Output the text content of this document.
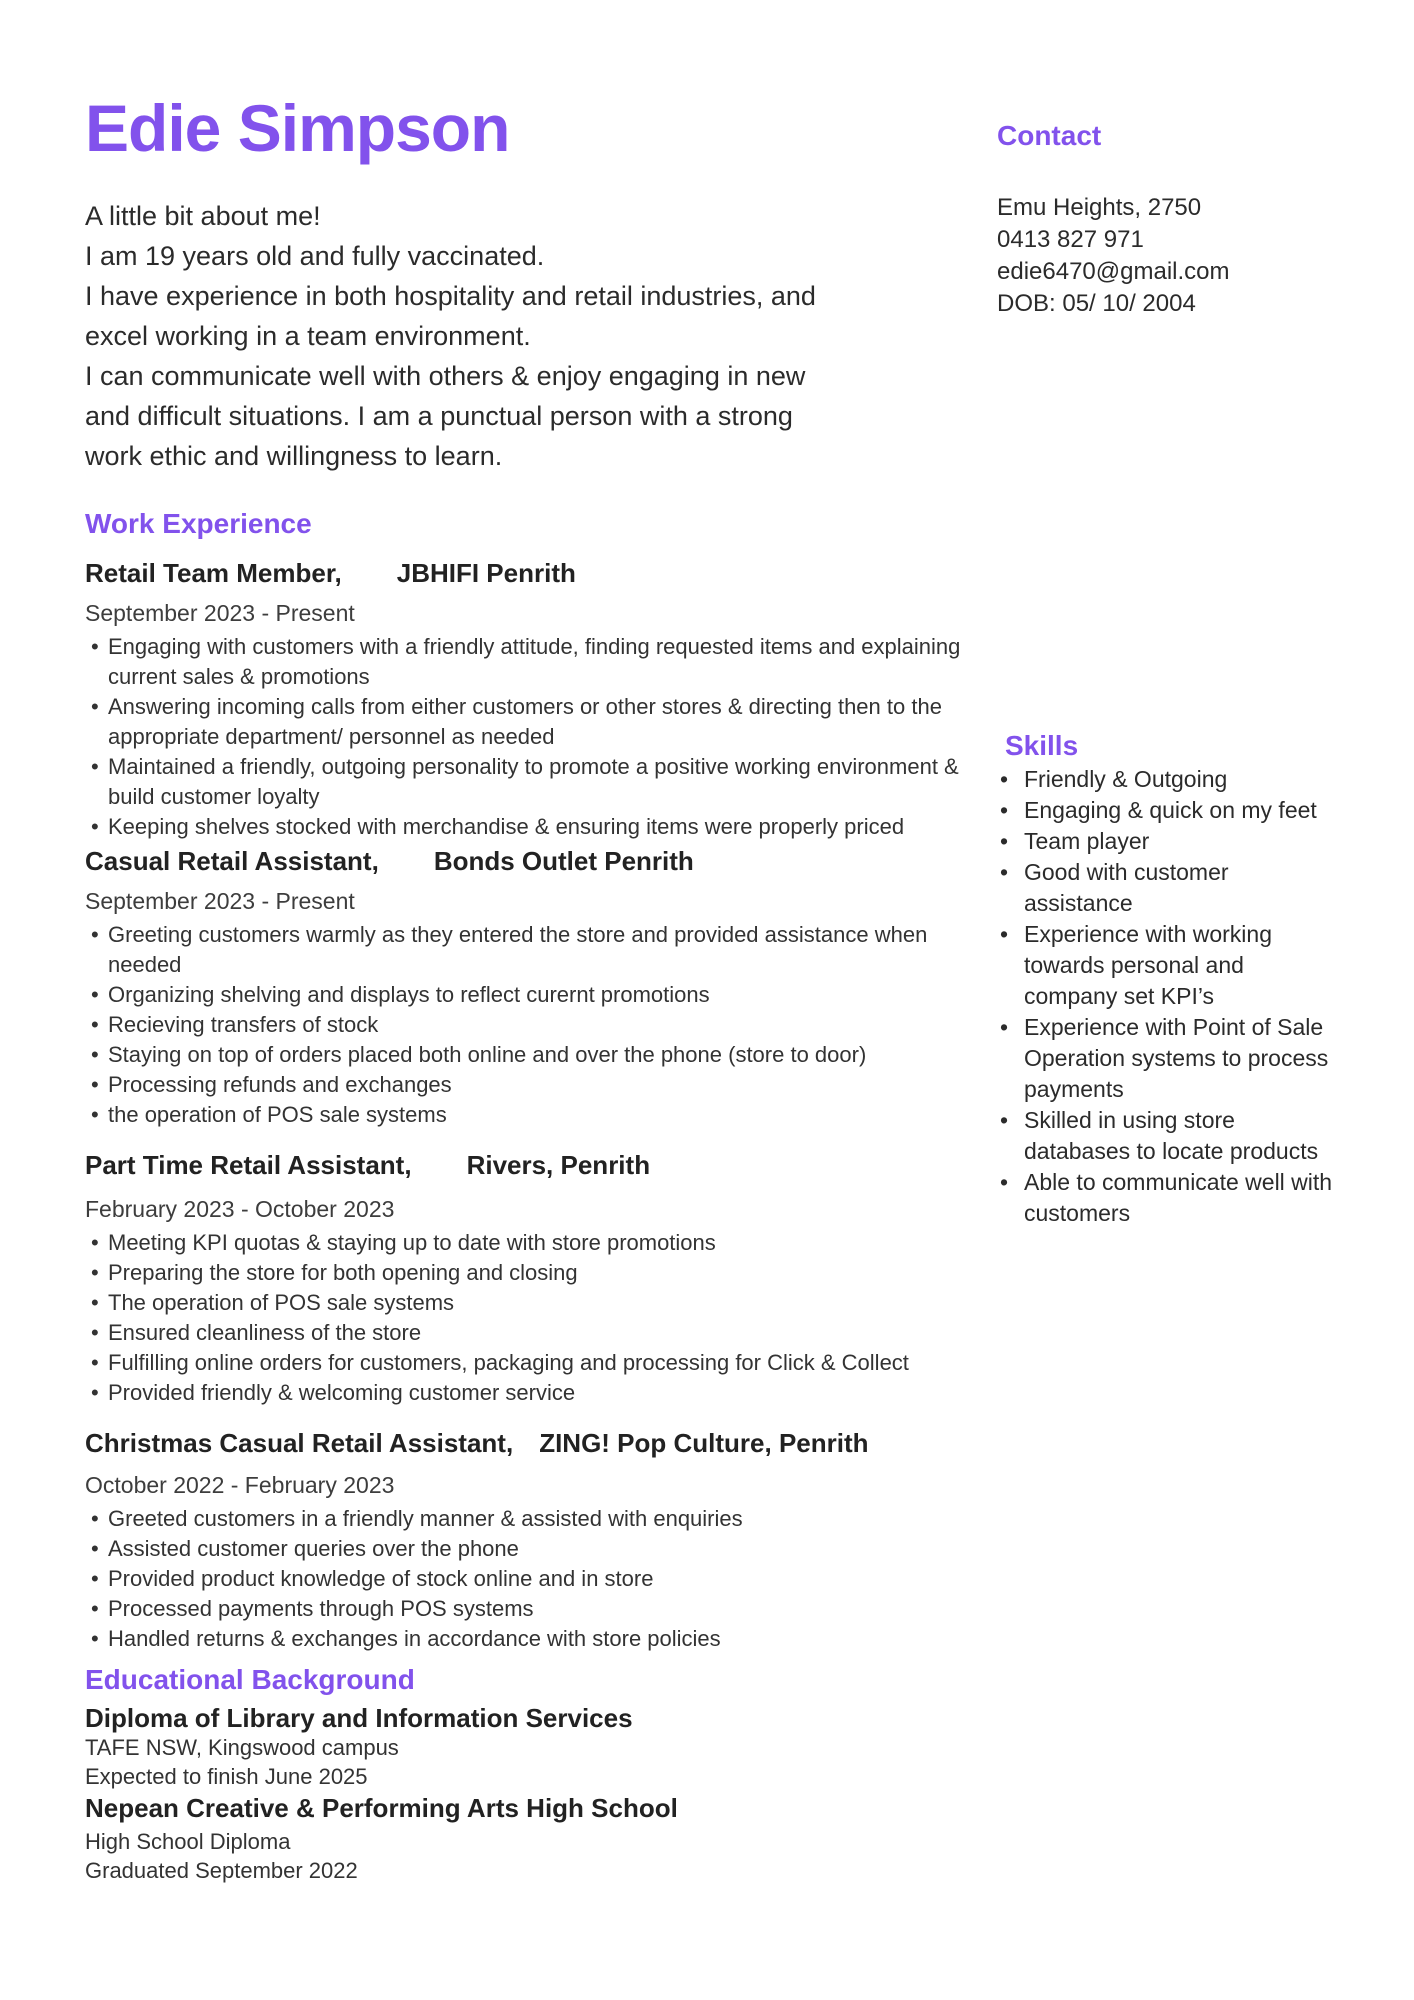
Edie Simpson
A little bit about me!
I am 19 years old and fully vaccinated.
I have experience in both hospitality and retail industries, and
excel working in a team environment.
I can communicate well with others & enjoy engaging in new
and difficult situations. I am a punctual person with a strong
work ethic and willingness to learn.
Work Experience
Retail Team Member, JBHIFI Penrith
September 2023 - Present
• Engaging with customers with a friendly attitude, finding requested items and explaining current sales & promotions
• Answering incoming calls from either customers or other stores & directing then to the appropriate department/ personnel as needed
• Maintained a friendly, outgoing personality to promote a positive working environment & build customer loyalty
• Keeping shelves stocked with merchandise & ensuring items were properly priced
Casual Retail Assistant, Bonds Outlet Penrith
September 2023 - Present
• Greeting customers warmly as they entered the store and provided assistance when needed
• Organizing shelving and displays to reflect curernt promotions
• Recieving transfers of stock
• Staying on top of orders placed both online and over the phone (store to door)
• Processing refunds and exchanges
• the operation of POS sale systems
Part Time Retail Assistant, Rivers, Penrith
February 2023 - October 2023
• Meeting KPI quotas & staying up to date with store promotions
• Preparing the store for both opening and closing
• The operation of POS sale systems
• Ensured cleanliness of the store
• Fulfilling online orders for customers, packaging and processing for Click & Collect
• Provided friendly & welcoming customer service
Christmas Casual Retail Assistant, ZING! Pop Culture, Penrith
October 2022 - February 2023
• Greeted customers in a friendly manner & assisted with enquiries
• Assisted customer queries over the phone
• Provided product knowledge of stock online and in store
• Processed payments through POS systems
• Handled returns & exchanges in accordance with store policies
Educational Background
Diploma of Library and Information Services
TAFE NSW, Kingswood campus
Expected to finish June 2025
Nepean Creative & Performing Arts High School
High School Diploma
Graduated September 2022
Contact
Emu Heights, 2750
0413 827 971
edie6470@gmail.com
DOB: 05/ 10/ 2004
Skills
• Friendly & Outgoing
• Engaging & quick on my feet
• Team player
• Good with customer assistance
• Experience with working towards personal and company set KPI’s
• Experience with Point of Sale Operation systems to process payments
• Skilled in using store databases to locate products
• Able to communicate well with customers
